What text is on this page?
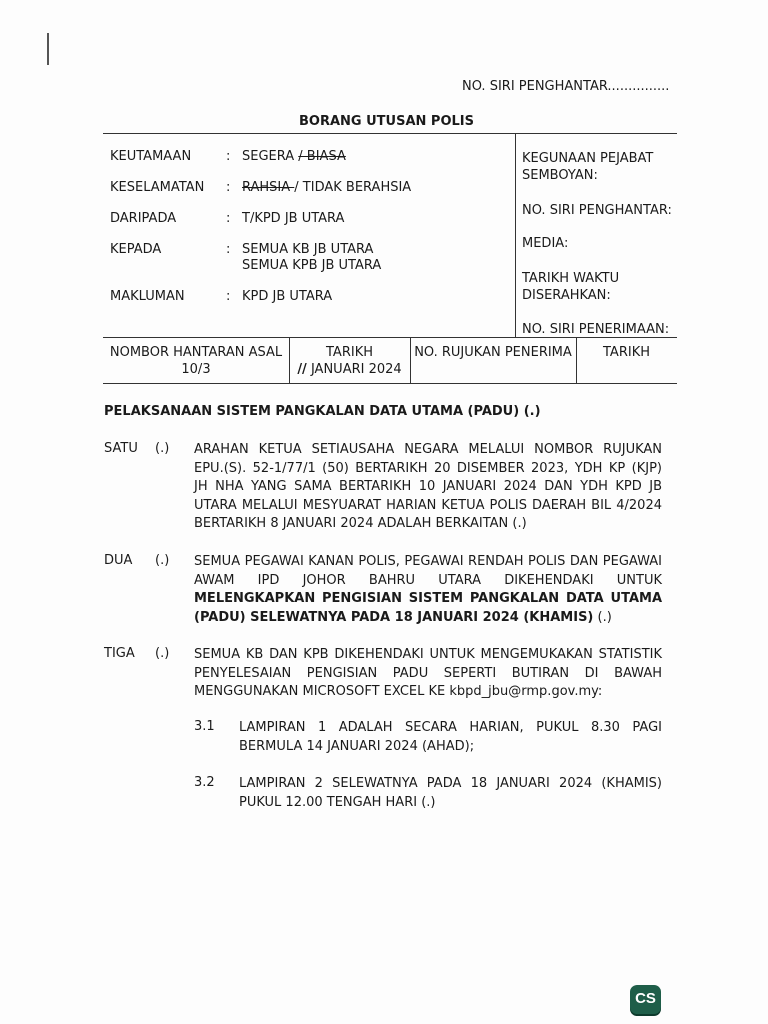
NO. SIRI PENGHANTAR...............
BORANG UTUSAN POLIS
KEUTAMAAN
KESELAMATAN
DARIPADA
KEPADA
MAKLUMAN
:
:
:
:
:
SEGERA / BIASA
RAHSIA / TIDAK BERAHSIA
T/KPD JB UTARA
SEMUA KB JB UTARA
SEMUA KPB JB UTARA
KPD JB UTARA
KEGUNAAN PEJABAT
SEMBOYAN:
NO. SIRI PENGHANTAR:
MEDIA:
TARIKH WAKTU
DISERAHKAN:
NO. SIRI PENERIMAAN:
NOMBOR HANTARAN ASAL
10/3
TARIKH
// JANUARI 2024
NO. RUJUKAN PENERIMA	TARIKH
PELAKSANAAN SISTEM PANGKALAN DATA UTAMA (PADU) (.)
SATU (.) ARAHAN KETUA SETIAUSAHA NEGARA MELALUI NOMBOR RUJUKAN
EPU.(S). 52-1/77/1 (50) BERTARIKH 20 DISEMBER 2023, YDH KP (KJP)
JH NHA YANG SAMA BERTARIKH 10 JANUARI 2024 DAN YDH KPD JB
UTARA MELALUI MESYUARAT HARIAN KETUA POLIS DAERAH BIL 4/2024
BERTARIKH 8 JANUARI 2024 ADALAH BERKAITAN (.)
DUA (.) SEMUA PEGAWAI KANAN POLIS, PEGAWAI RENDAH POLIS DAN PEGAWAI
AWAM IPD JOHOR BAHRU UTARA DIKEHENDAKI UNTUK
MELENGKAPKAN PENGISIAN SISTEM PANGKALAN DATA UTAMA
(PADU) SELEWATNYA PADA 18 JANUARI 2024 (KHAMIS) (.)
TIGA (.) SEMUA KB DAN KPB DIKEHENDAKI UNTUK MENGEMUKAKAN STATISTIK
PENYELESAIAN PENGISIAN PADU SEPERTI BUTIRAN DI BAWAH
MENGGUNAKAN MICROSOFT EXCEL KE kbpd_jbu@rmp.gov.my:
3.1 LAMPIRAN 1 ADALAH SECARA HARIAN, PUKUL 8.30 PAGI
BERMULA 14 JANUARI 2024 (AHAD);
3.2 LAMPIRAN 2 SELEWATNYA PADA 18 JANUARI 2024 (KHAMIS)
PUKUL 12.00 TENGAH HARI (.)
CS
